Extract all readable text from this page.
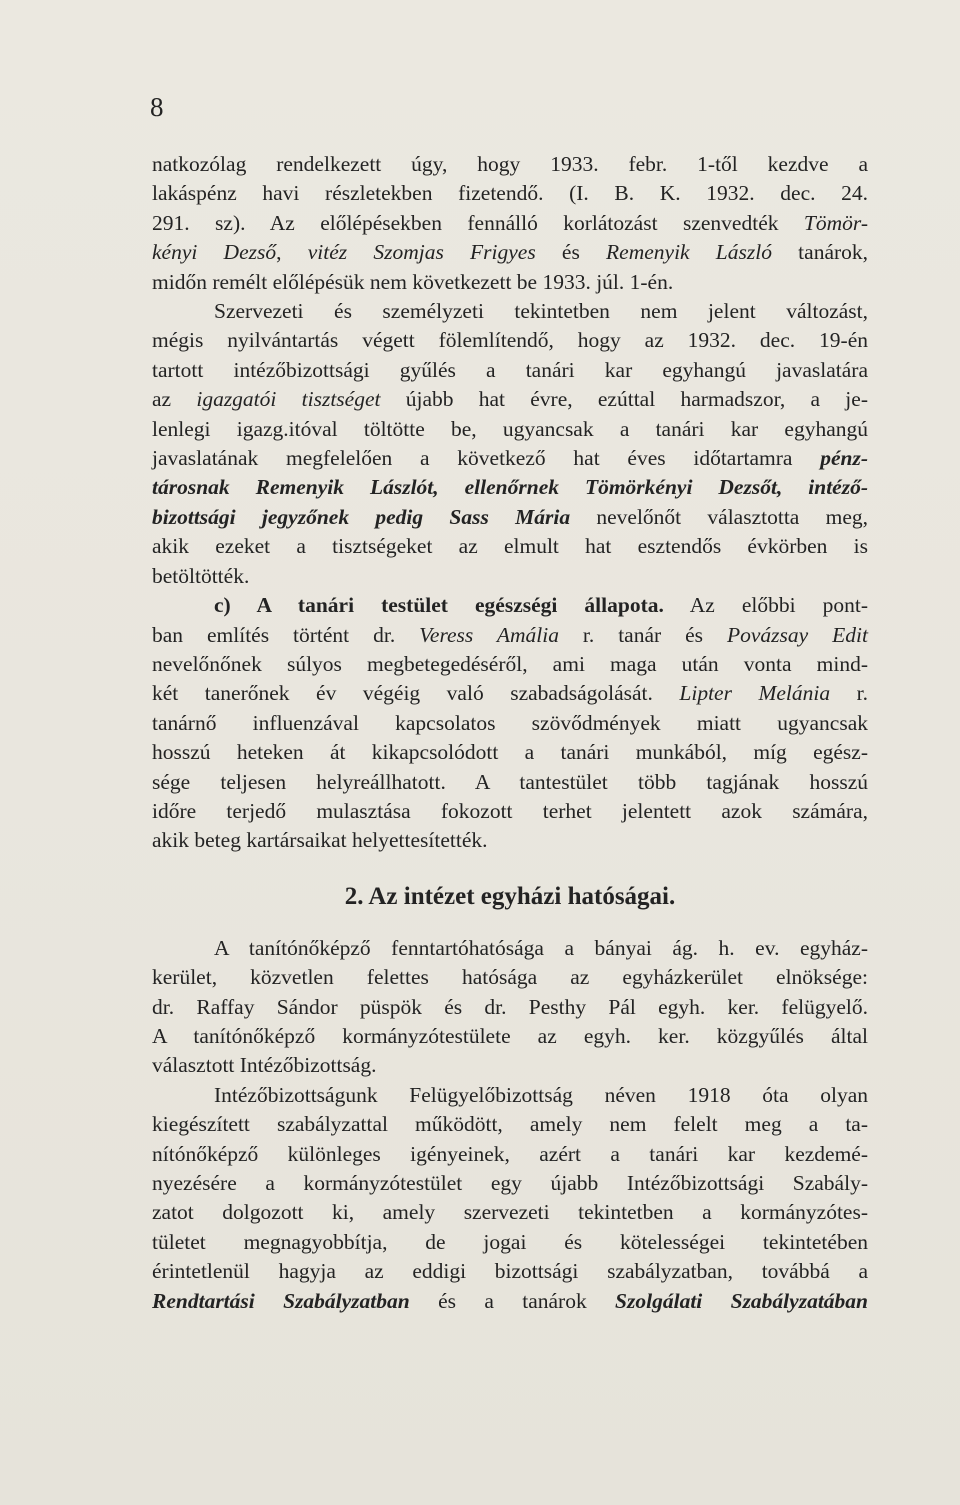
8

natkozólag rendelkezett úgy, hogy 1933. febr. 1-től kezdve a
lakáspénz havi részletekben fizetendő. (I. B. K. 1932. dec. 24.
291. sz). Az előlépésekben fennálló korlátozást szenvedték Tömör-
kényi Dezső, vitéz Szomjas Frigyes és Remenyik László tanárok,
midőn remélt előlépésük nem következett be 1933. júl. 1-én.

Szervezeti és személyzeti tekintetben nem jelent változást,
mégis nyilvántartás végett fölemlítendő, hogy az 1932. dec. 19-én
tartott intézőbizottsági gyűlés a tanári kar egyhangú javaslatára
az igazgatói tisztséget újabb hat évre, ezúttal harmadszor, a je-
lenlegi igazg.itóval töltötte be, ugyancsak a tanári kar egyhangú
javaslatának megfelelően a következő hat éves időtartamra pénz-
tárosnak Remenyik Lászlót, ellenőrnek Tömörkényi Dezsőt, intéző-
bizottsági jegyzőnek pedig Sass Mária nevelőnőt választotta meg,
akik ezeket a tisztségeket az elmult hat esztendős évkörben is
betöltötték.

c) A tanári testület egészségi állapota. Az előbbi pont-
ban említés történt dr. Veress Amália r. tanár és Povázsay Edit
nevelőnőnek súlyos megbetegedéséről, ami maga után vonta mind-
két tanerőnek év végéig való szabadságolását. Lipter Melánia r.
tanárnő influenzával kapcsolatos szövődmények miatt ugyancsak
hosszú heteken át kikapcsolódott a tanári munkából, míg egész-
sége teljesen helyreállhatott. A tantestület több tagjának hosszú
időre terjedő mulasztása fokozott terhet jelentett azok számára,
akik beteg kartársaikat helyettesítették.

2. Az intézet egyházi hatóságai.

A tanítónőképző fenntartóhatósága a bányai ág. h. ev. egyház-
kerület, közvetlen felettes hatósága az egyházkerület elnöksége:
dr. Raffay Sándor püspök és dr. Pesthy Pál egyh. ker. felügyelő.
A tanítónőképző kormányzótestülete az egyh. ker. közgyűlés által
választott Intézőbizottság.

Intézőbizottságunk Felügyelőbizottság néven 1918 óta olyan
kiegészített szabályzattal működött, amely nem felelt meg a ta-
nítónőképző különleges igényeinek, azért a tanári kar kezdemé-
nyezésére a kormányzótestület egy újabb Intézőbizottsági Szabály-
zatot dolgozott ki, amely szervezeti tekintetben a kormányzótes-
tületet megnagyobbítja, de jogai és kötelességei tekintetében
érintetlenül hagyja az eddigi bizottsági szabályzatban, továbbá a
Rendtartási Szabályzatban és a tanárok Szolgálati Szabályzatában
